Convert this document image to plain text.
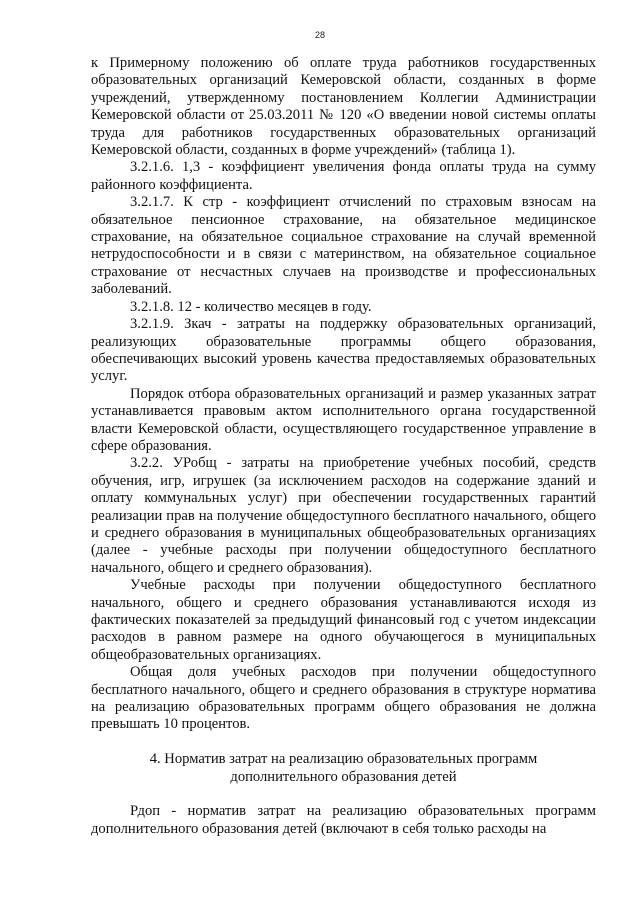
28

к Примерному положению об оплате труда работников государственных образовательных организаций Кемеровской области, созданных в форме учреждений, утвержденному постановлением Коллегии Администрации Кемеровской области от 25.03.2011 № 120 «О введении новой системы оплаты труда для работников государственных образовательных организаций Кемеровской области, созданных в форме учреждений» (таблица 1).

3.2.1.6. 1,3 - коэффициент увеличения фонда оплаты труда на сумму районного коэффициента.

3.2.1.7. К стр - коэффициент отчислений по страховым взносам на обязательное пенсионное страхование, на обязательное медицинское страхование, на обязательное социальное страхование на случай временной нетрудоспособности и в связи с материнством, на обязательное социальное страхование от несчастных случаев на производстве и профессиональных заболеваний.

3.2.1.8. 12 - количество месяцев в году.

3.2.1.9. Зкач - затраты на поддержку образовательных организаций, реализующих образовательные программы общего образования, обеспечивающих высокий уровень качества предоставляемых образовательных услуг.

Порядок отбора образовательных организаций и размер указанных затрат устанавливается правовым актом исполнительного органа государственной власти Кемеровской области, осуществляющего государственное управление в сфере образования.

3.2.2. УРобщ - затраты на приобретение учебных пособий, средств обучения, игр, игрушек (за исключением расходов на содержание зданий и оплату коммунальных услуг) при обеспечении государственных гарантий реализации прав на получение общедоступного бесплатного начального, общего и среднего образования в муниципальных общеобразовательных организациях (далее - учебные расходы при получении общедоступного бесплатного начального, общего и среднего образования).

Учебные расходы при получении общедоступного бесплатного начального, общего и среднего образования устанавливаются исходя из фактических показателей за предыдущий финансовый год с учетом индексации расходов в равном размере на одного обучающегося в муниципальных общеобразовательных организациях.

Общая доля учебных расходов при получении общедоступного бесплатного начального, общего и среднего образования в структуре норматива на реализацию образовательных программ общего образования не должна превышать 10 процентов.

4. Норматив затрат на реализацию образовательных программ

дополнительного образования детей

Рдоп - норматив затрат на реализацию образовательных программ дополнительного образования детей (включают в себя только расходы на
